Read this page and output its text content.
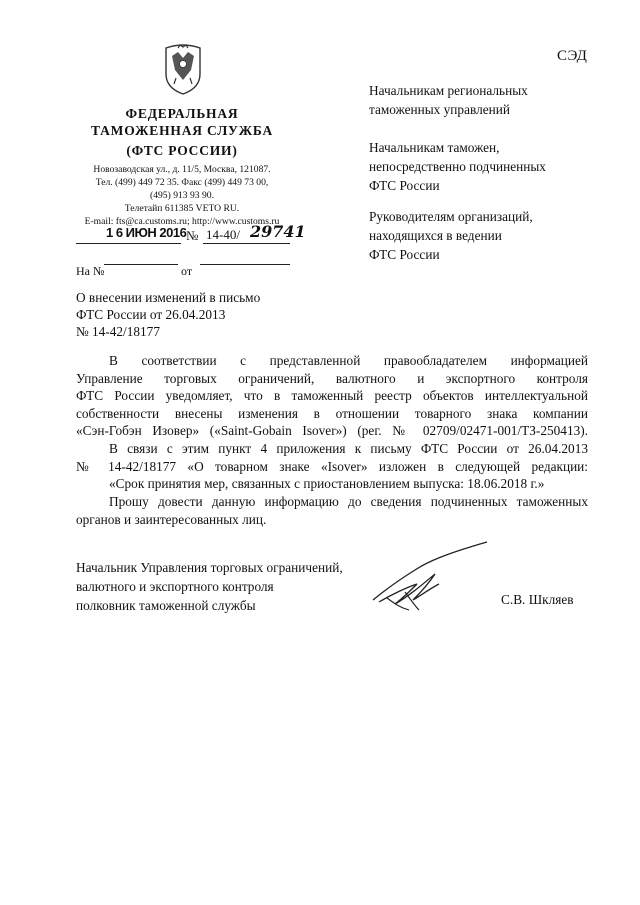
СЭД
ФЕДЕРАЛЬНАЯ
ТАМОЖЕННАЯ СЛУЖБА
(ФТС РОССИИ)
Новозаводская ул., д. 11/5, Москва, 121087.
Тел. (499) 449 72 35. Факс (499) 449 73 00,
(495) 913 93 90.
Телетайп 611385 VETO RU.
E-mail: fts@ca.customs.ru; http://www.customs.ru
1 6 ИЮН 2016 № 14-40/ 29741
На №	от
Начальникам региональных
таможенных управлений
Начальникам таможен,
непосредственно подчиненных
ФТС России
Руководителям организаций,
находящихся в ведении
ФТС России
О внесении изменений в письмо
ФТС России от 26.04.2013
№ 14-42/18177
В соответствии с представленной правообладателем информацией
Управление торговых ограничений, валютного и экспортного контроля
ФТС России уведомляет, что в таможенный реестр объектов интеллектуальной
собственности внесены изменения в отношении товарного знака компании
«Сэн-Гобэн Изовер» («Saint-Gobain Isover») (рег. № 02709/02471-001/ТЗ-250413).
В связи с этим пункт 4 приложения к письму ФТС России от 26.04.2013
№ 14-42/18177 «О товарном знаке «Isover» изложен в следующей редакции:
«Срок принятия мер, связанных с приостановлением выпуска: 18.06.2018 г.»
Прошу довести данную информацию до сведения подчиненных таможенных
органов и заинтересованных лиц.
Начальник Управления торговых ограничений,
валютного и экспортного контроля
полковник таможенной службы	С.В. Шкляев
